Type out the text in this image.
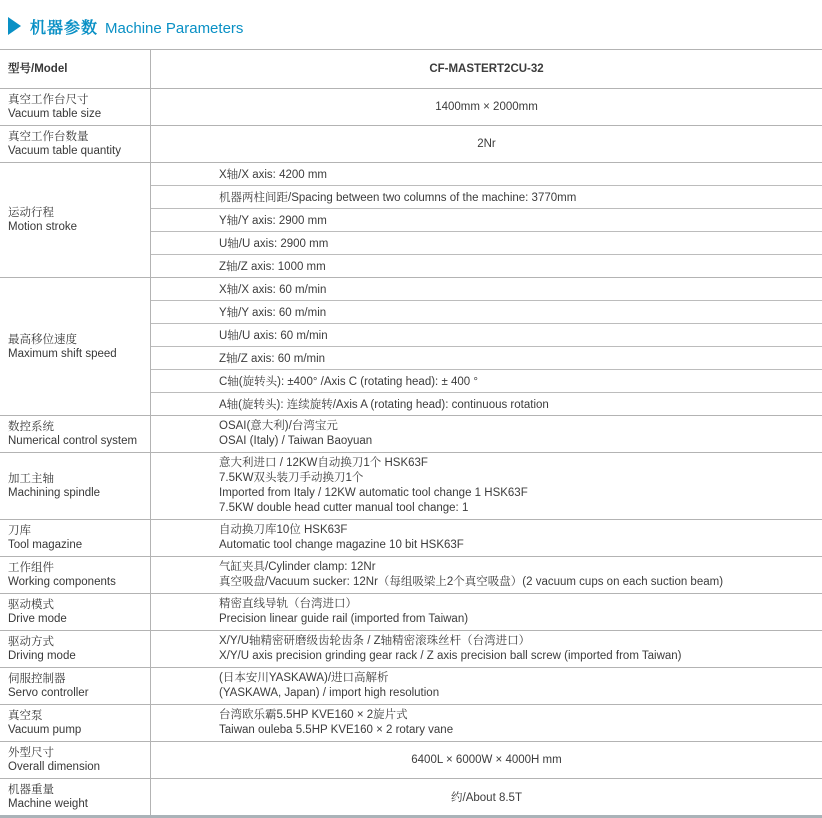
机器参数 Machine Parameters
型号/Model	CF-MASTERT2CU-32
真空工作台尺寸
Vacuum table size
1400mm × 2000mm
真空工作台数量
Vacuum table quantity
2Nr
运动行程
Motion stroke
X轴/X axis: 4200 mm
机器两柱间距/Spacing between two columns of the machine: 3770mm
Y轴/Y axis: 2900 mm
U轴/U axis: 2900 mm
Z轴/Z axis: 1000 mm
最高移位速度
Maximum shift speed
X轴/X axis: 60 m/min
Y轴/Y axis: 60 m/min
U轴/U axis: 60 m/min
Z轴/Z axis: 60 m/min
C轴(旋转头): ±400° /Axis C (rotating head): ± 400 °
A轴(旋转头): 连续旋转/Axis A (rotating head): continuous rotation
数控系统
Numerical control system
OSAI(意大利)/台湾宝元
OSAI (Italy) / Taiwan Baoyuan
加工主轴
Machining spindle
意大利进口 / 12KW自动换刀1个 HSK63F
7.5KW双头装刀手动换刀1个
Imported from Italy / 12KW automatic tool change 1 HSK63F
7.5KW double head cutter manual tool change: 1
刀库
Tool magazine
自动换刀库10位 HSK63F
Automatic tool change magazine 10 bit HSK63F
工作组件
Working components
气缸夹具/Cylinder clamp: 12Nr
真空吸盘/Vacuum sucker: 12Nr（每组吸梁上2个真空吸盘）(2 vacuum cups on each suction beam)
驱动模式
Drive mode
精密直线导轨（台湾进口）
Precision linear guide rail (imported from Taiwan)
驱动方式
Driving mode
X/Y/U轴精密研磨级齿轮齿条 / Z轴精密滚珠丝杆（台湾进口）
X/Y/U axis precision grinding gear rack / Z axis precision ball screw (imported from Taiwan)
伺服控制器
Servo controller
(日本安川YASKAWA)/进口高解析
(YASKAWA, Japan) / import high resolution
真空泵
Vacuum pump
台湾欧乐霸5.5HP KVE160 × 2旋片式
Taiwan ouleba 5.5HP KVE160 × 2 rotary vane
外型尺寸
Overall dimension
6400L × 6000W × 4000H mm
机器重量
Machine weight	约/About 8.5T
